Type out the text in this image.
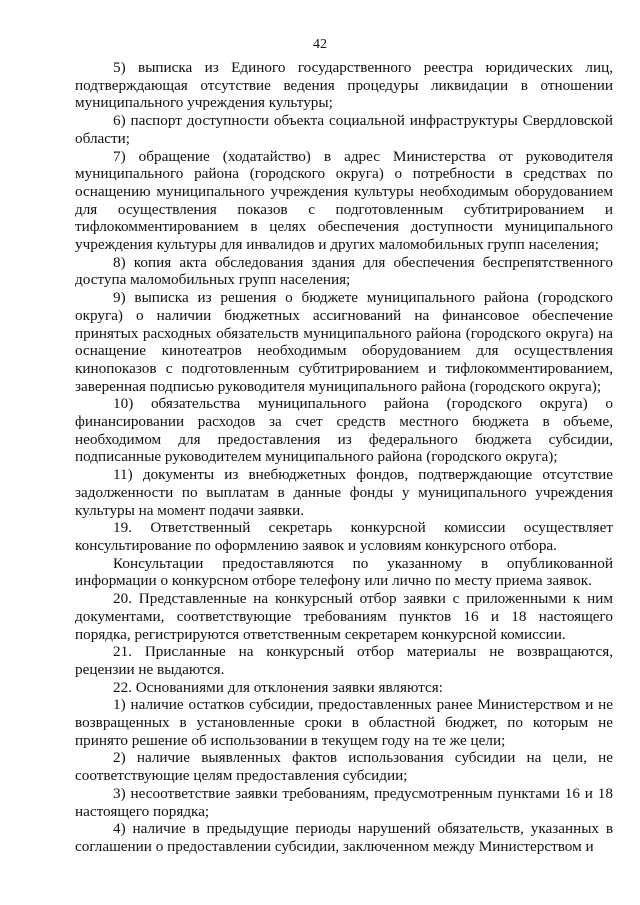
42

5) выписка из Единого государственного реестра юридических лиц, подтверждающая отсутствие ведения процедуры ликвидации в отношении муниципального учреждения культуры;

6) паспорт доступности объекта социальной инфраструктуры Свердловской области;

7) обращение (ходатайство) в адрес Министерства от руководителя муниципального района (городского округа) о потребности в средствах по оснащению муниципального учреждения культуры необходимым оборудованием для осуществления показов с подготовленным субтитрированием и тифлокомментированием в целях обеспечения доступности муниципального учреждения культуры для инвалидов и других маломобильных групп населения;

8) копия акта обследования здания для обеспечения беспрепятственного доступа маломобильных групп населения;

9) выписка из решения о бюджете муниципального района (городского округа) о наличии бюджетных ассигнований на финансовое обеспечение принятых расходных обязательств муниципального района (городского округа) на оснащение кинотеатров необходимым оборудованием для осуществления кинопоказов с подготовленным субтитрированием и тифлокомментированием, заверенная подписью руководителя муниципального района (городского округа);

10) обязательства муниципального района (городского округа) о финансировании расходов за счет средств местного бюджета в объеме, необходимом для предоставления из федерального бюджета субсидии, подписанные руководителем муниципального района (городского округа);

11) документы из внебюджетных фондов, подтверждающие отсутствие задолженности по выплатам в данные фонды у муниципального учреждения культуры на момент подачи заявки.

19. Ответственный секретарь конкурсной комиссии осуществляет консультирование по оформлению заявок и условиям конкурсного отбора.

Консультации предоставляются по указанному в опубликованной информации о конкурсном отборе телефону или лично по месту приема заявок.

20. Представленные на конкурсный отбор заявки с приложенными к ним документами, соответствующие требованиям пунктов 16 и 18 настоящего порядка, регистрируются ответственным секретарем конкурсной комиссии.

21. Присланные на конкурсный отбор материалы не возвращаются, рецензии не выдаются.

22. Основаниями для отклонения заявки являются:

1) наличие остатков субсидии, предоставленных ранее Министерством и не возвращенных в установленные сроки в областной бюджет, по которым не принято решение об использовании в текущем году на те же цели;

2) наличие выявленных фактов использования субсидии на цели, не соответствующие целям предоставления субсидии;

3) несоответствие заявки требованиям, предусмотренным пунктами 16 и 18 настоящего порядка;

4) наличие в предыдущие периоды нарушений обязательств, указанных в соглашении о предоставлении субсидии, заключенном между Министерством и
